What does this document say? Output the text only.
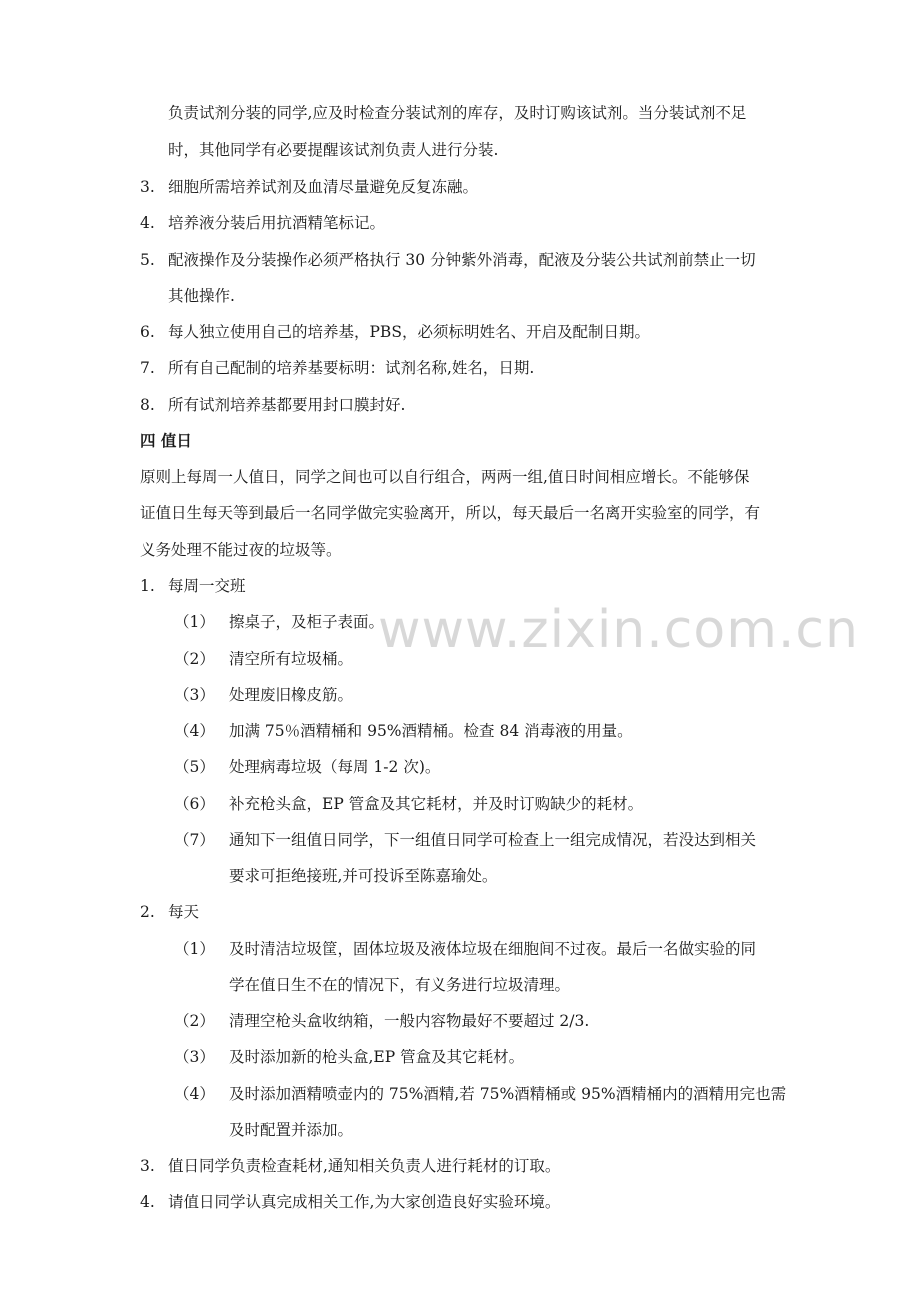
www.zixin.com.cn
负责试剂分装的同学,应及时检查分装试剂的库存，及时订购该试剂。当分装试剂不足
时，其他同学有必要提醒该试剂负责人进行分装.
3. 细胞所需培养试剂及血清尽量避免反复冻融。
4. 培养液分装后用抗酒精笔标记。
5. 配液操作及分装操作必须严格执行 30 分钟紫外消毒，配液及分装公共试剂前禁止一切
其他操作.
6. 每人独立使用自己的培养基，PBS，必须标明姓名、开启及配制日期。
7. 所有自己配制的培养基要标明：试剂名称,姓名，日期.
8. 所有试剂培养基都要用封口膜封好.
四 值日
原则上每周一人值日，同学之间也可以自行组合，两两一组,值日时间相应增长。不能够保
证值日生每天等到最后一名同学做完实验离开，所以，每天最后一名离开实验室的同学，有
义务处理不能过夜的垃圾等。
1. 每周一交班
（1） 擦桌子，及柜子表面。
（2） 清空所有垃圾桶。
（3） 处理废旧橡皮筋。
（4） 加满 75％酒精桶和 95%酒精桶。检查 84 消毒液的用量。
（5） 处理病毒垃圾（每周 1-2 次)。
（6） 补充枪头盒，EP 管盒及其它耗材，并及时订购缺少的耗材。
（7） 通知下一组值日同学，下一组值日同学可检查上一组完成情况，若没达到相关
要求可拒绝接班,并可投诉至陈嘉瑜处。
2. 每天
（1） 及时清洁垃圾筐，固体垃圾及液体垃圾在细胞间不过夜。最后一名做实验的同
学在值日生不在的情况下，有义务进行垃圾清理。
（2） 清理空枪头盒收纳箱，一般内容物最好不要超过 2/3.
（3） 及时添加新的枪头盒,EP 管盒及其它耗材。
（4） 及时添加酒精喷壶内的 75%酒精,若 75%酒精桶或 95%酒精桶内的酒精用完也需
及时配置并添加。
3. 值日同学负责检查耗材,通知相关负责人进行耗材的订取。
4. 请值日同学认真完成相关工作,为大家创造良好实验环境。
